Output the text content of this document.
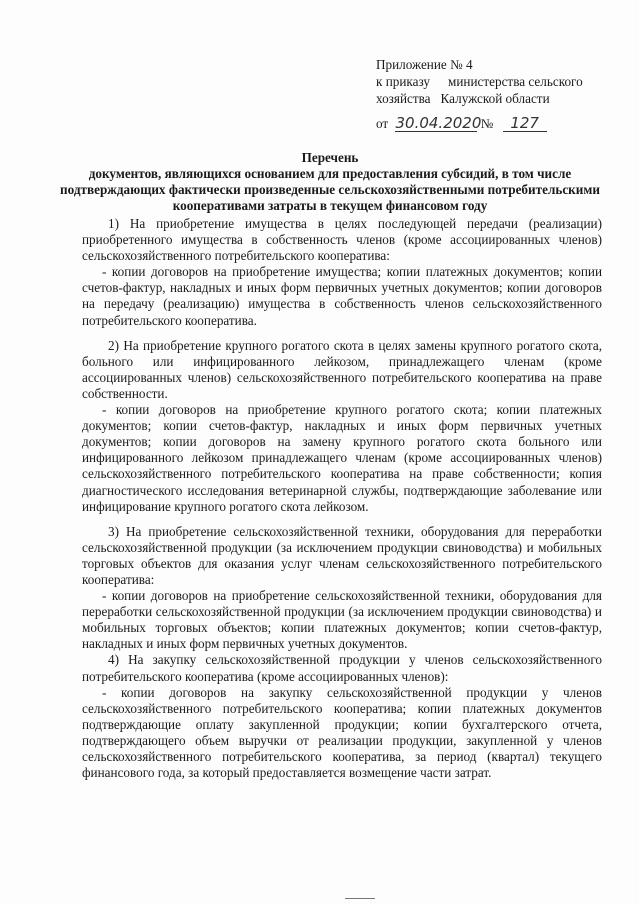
Приложение № 4
к приказу министерства сельского
хозяйства Калужской области
от 30.04.2020 № 127
Перечень
документов, являющихся основанием для предоставления субсидий, в том числе подтверждающих фактически произведенные сельскохозяйственными потребительскими кооперативами затраты в текущем финансовом году

1) На приобретение имущества в целях последующей передачи (реализации) приобретенного имущества в собственность членов (кроме ассоциированных членов) сельскохозяйственного потребительского кооператива:

- копии договоров на приобретение имущества; копии платежных документов; копии счетов-фактур, накладных и иных форм первичных учетных документов; копии договоров на передачу (реализацию) имущества в собственность членов сельскохозяйственного потребительского кооператива.

2) На приобретение крупного рогатого скота в целях замены крупного рогатого скота, больного или инфицированного лейкозом, принадлежащего членам (кроме ассоциированных членов) сельскохозяйственного потребительского кооператива на праве собственности.

- копии договоров на приобретение крупного рогатого скота; копии платежных документов; копии счетов-фактур, накладных и иных форм первичных учетных документов; копии договоров на замену крупного рогатого скота больного или инфицированного лейкозом принадлежащего членам (кроме ассоциированных членов) сельскохозяйственного потребительского кооператива на праве собственности; копия диагностического исследования ветеринарной службы, подтверждающие заболевание или инфицирование крупного рогатого скота лейкозом.

3) На приобретение сельскохозяйственной техники, оборудования для переработки сельскохозяйственной продукции (за исключением продукции свиноводства) и мобильных торговых объектов для оказания услуг членам сельскохозяйственного потребительского кооператива:

- копии договоров на приобретение сельскохозяйственной техники, оборудования для переработки сельскохозяйственной продукции (за исключением продукции свиноводства) и мобильных торговых объектов; копии платежных документов; копии счетов-фактур, накладных и иных форм первичных учетных документов.

4) На закупку сельскохозяйственной продукции у членов сельскохозяйственного потребительского кооператива (кроме ассоциированных членов):

- копии договоров на закупку сельскохозяйственной продукции у членов сельскохозяйственного потребительского кооператива; копии платежных документов подтверждающие оплату закупленной продукции; копии бухгалтерского отчета, подтверждающего объем выручки от реализации продукции, закупленной у членов сельскохозяйственного потребительского кооператива, за период (квартал) текущего финансового года, за который предоставляется возмещение части затрат.
